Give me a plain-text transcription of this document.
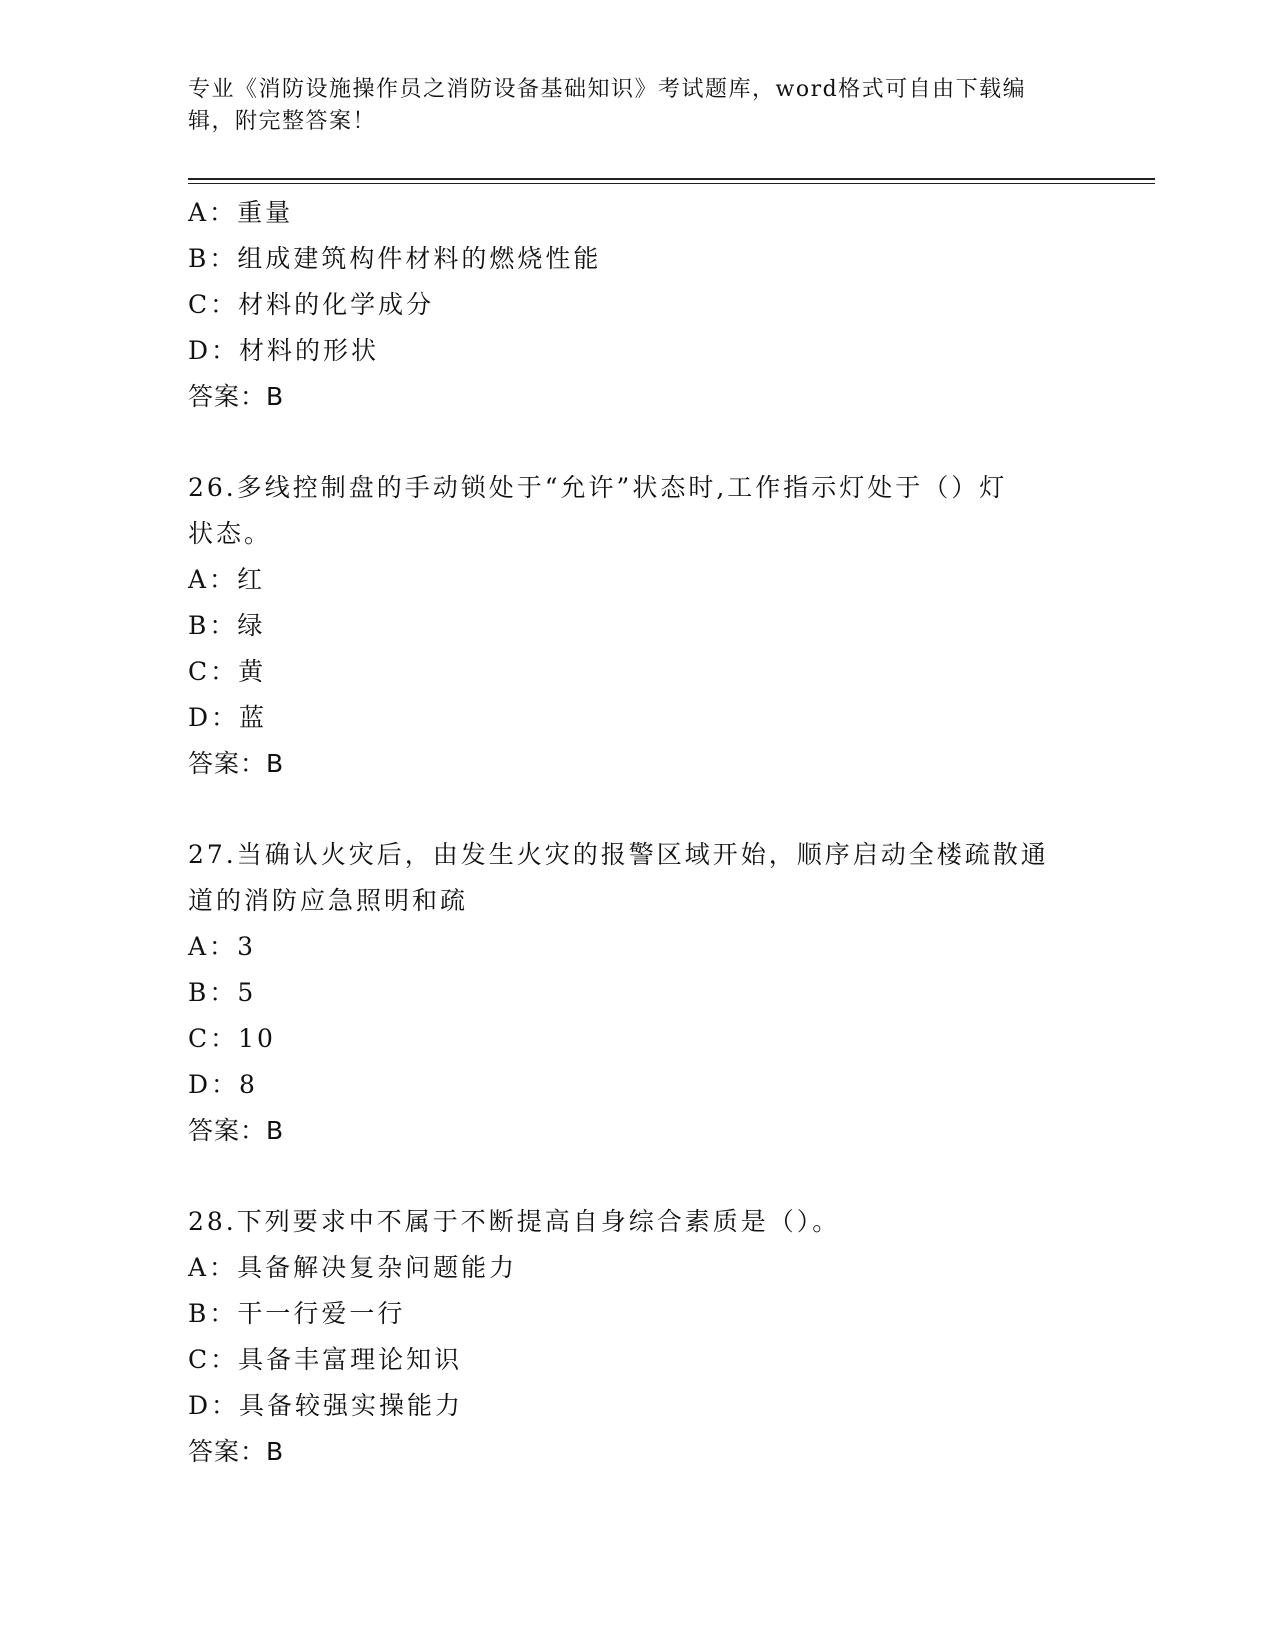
专业《消防设施操作员之消防设备基础知识》考试题库，word格式可自由下载编
辑，附完整答案！
A：重量
B：组成建筑构件材料的燃烧性能
C：材料的化学成分
D：材料的形状
答案：B
26.多线控制盘的手动锁处于“允许”状态时,工作指示灯处于（）灯
状态。
A：红
B：绿
C：黄
D：蓝
答案：B
27.当确认火灾后，由发生火灾的报警区域开始，顺序启动全楼疏散通
道的消防应急照明和疏
A：3
B：5
C：10
D：8
答案：B
28.下列要求中不属于不断提高自身综合素质是（）。
A：具备解决复杂问题能力
B：干一行爱一行
C：具备丰富理论知识
D：具备较强实操能力
答案：B
